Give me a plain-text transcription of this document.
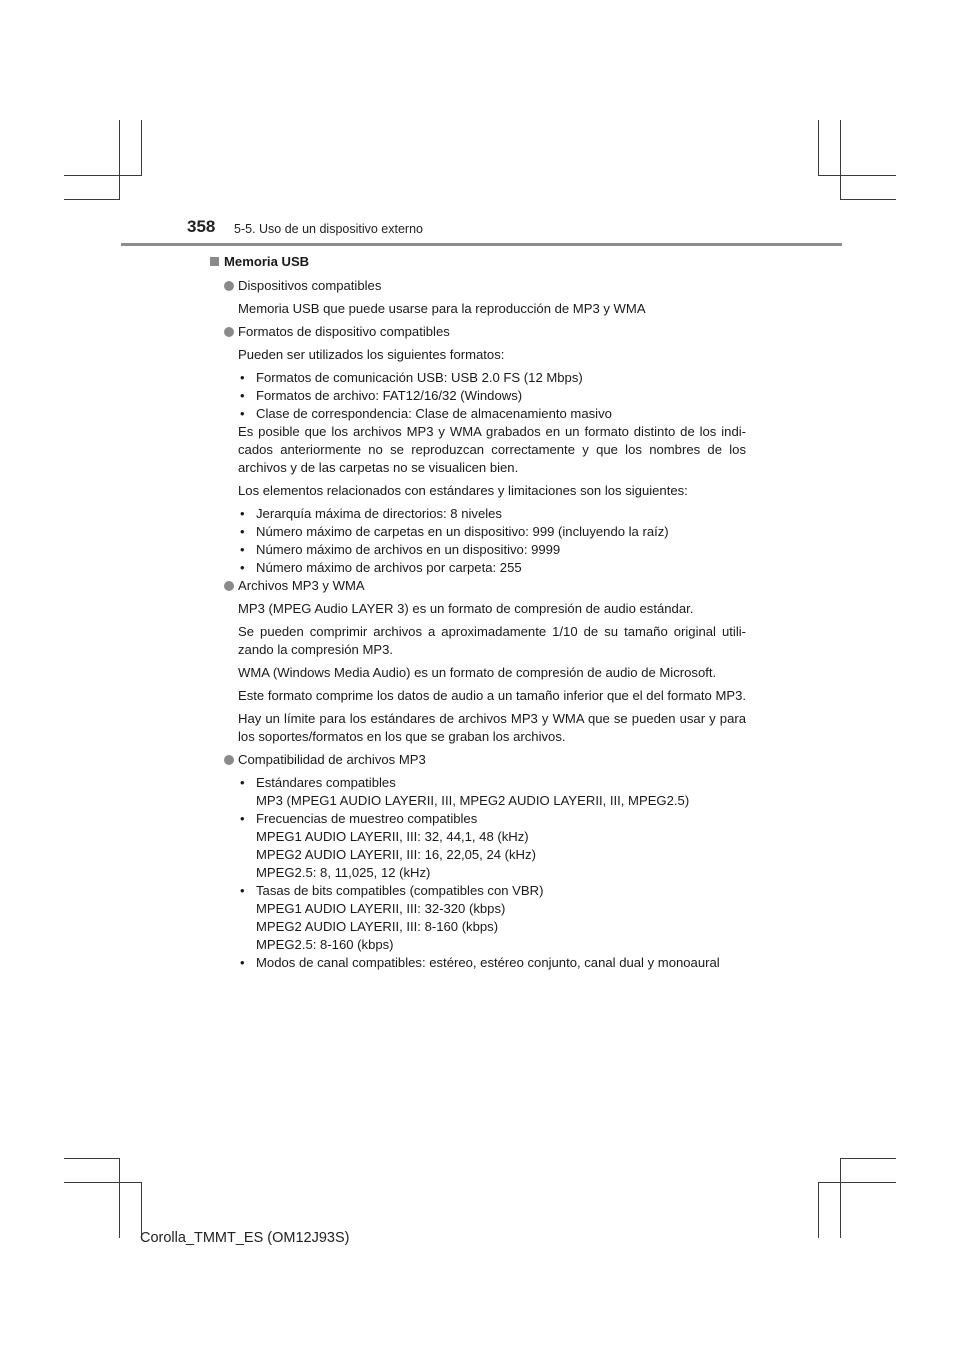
358 5-5. Uso de un dispositivo externo
Memoria USB
Dispositivos compatibles
Memoria USB que puede usarse para la reproducción de MP3 y WMA
Formatos de dispositivo compatibles
Pueden ser utilizados los siguientes formatos:
• Formatos de comunicación USB: USB 2.0 FS (12 Mbps)
• Formatos de archivo: FAT12/16/32 (Windows)
• Clase de correspondencia: Clase de almacenamiento masivo
Es posible que los archivos MP3 y WMA grabados en un formato distinto de los indi-cados anteriormente no se reproduzcan correctamente y que los nombres de los archivos y de las carpetas no se visualicen bien.
Los elementos relacionados con estándares y limitaciones son los siguientes:
• Jerarquía máxima de directorios: 8 niveles
• Número máximo de carpetas en un dispositivo: 999 (incluyendo la raíz)
• Número máximo de archivos en un dispositivo: 9999
• Número máximo de archivos por carpeta: 255
Archivos MP3 y WMA
MP3 (MPEG Audio LAYER 3) es un formato de compresión de audio estándar.
Se pueden comprimir archivos a aproximadamente 1/10 de su tamaño original utili-zando la compresión MP3.
WMA (Windows Media Audio) es un formato de compresión de audio de Microsoft.
Este formato comprime los datos de audio a un tamaño inferior que el del formato MP3.
Hay un límite para los estándares de archivos MP3 y WMA que se pueden usar y para los soportes/formatos en los que se graban los archivos.
Compatibilidad de archivos MP3
• Estándares compatibles
MP3 (MPEG1 AUDIO LAYERII, III, MPEG2 AUDIO LAYERII, III, MPEG2.5)
• Frecuencias de muestreo compatibles
MPEG1 AUDIO LAYERII, III: 32, 44,1, 48 (kHz)
MPEG2 AUDIO LAYERII, III: 16, 22,05, 24 (kHz)
MPEG2.5: 8, 11,025, 12 (kHz)
• Tasas de bits compatibles (compatibles con VBR)
MPEG1 AUDIO LAYERII, III: 32-320 (kbps)
MPEG2 AUDIO LAYERII, III: 8-160 (kbps)
MPEG2.5: 8-160 (kbps)
• Modos de canal compatibles: estéreo, estéreo conjunto, canal dual y monoaural
Corolla_TMMT_ES (OM12J93S)
